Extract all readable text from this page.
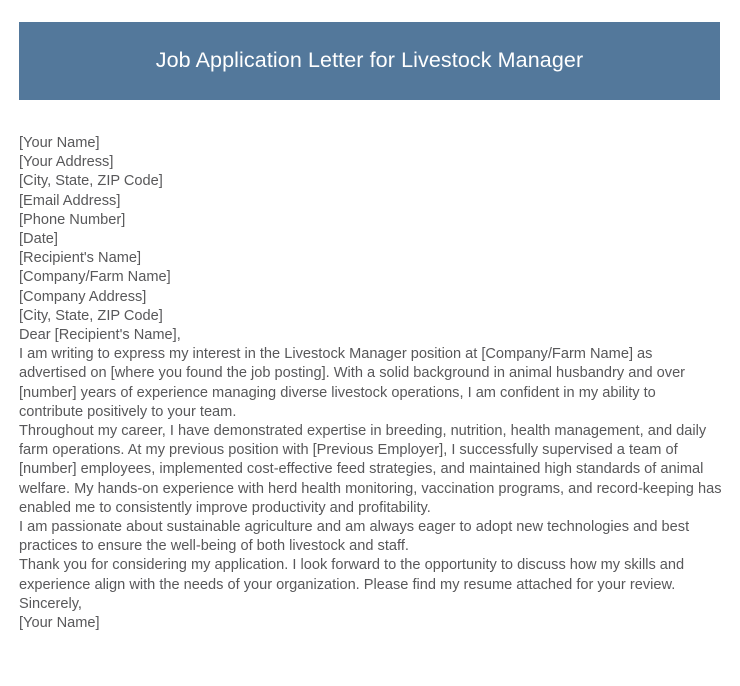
Job Application Letter for Livestock Manager
[Your Name]
[Your Address]
[City, State, ZIP Code]
[Email Address]
[Phone Number]
[Date]
[Recipient's Name]
[Company/Farm Name]
[Company Address]
[City, State, ZIP Code]
Dear [Recipient's Name],

I am writing to express my interest in the Livestock Manager position at [Company/Farm Name] as advertised on [where you found the job posting]. With a solid background in animal husbandry and over [number] years of experience managing diverse livestock operations, I am confident in my ability to contribute positively to your team.

Throughout my career, I have demonstrated expertise in breeding, nutrition, health management, and daily farm operations. At my previous position with [Previous Employer], I successfully supervised a team of [number] employees, implemented cost-effective feed strategies, and maintained high standards of animal welfare. My hands-on experience with herd health monitoring, vaccination programs, and record-keeping has enabled me to consistently improve productivity and profitability.

I am passionate about sustainable agriculture and am always eager to adopt new technologies and best practices to ensure the well-being of both livestock and staff.

Thank you for considering my application. I look forward to the opportunity to discuss how my skills and experience align with the needs of your organization. Please find my resume attached for your review.

Sincerely,
[Your Name]
